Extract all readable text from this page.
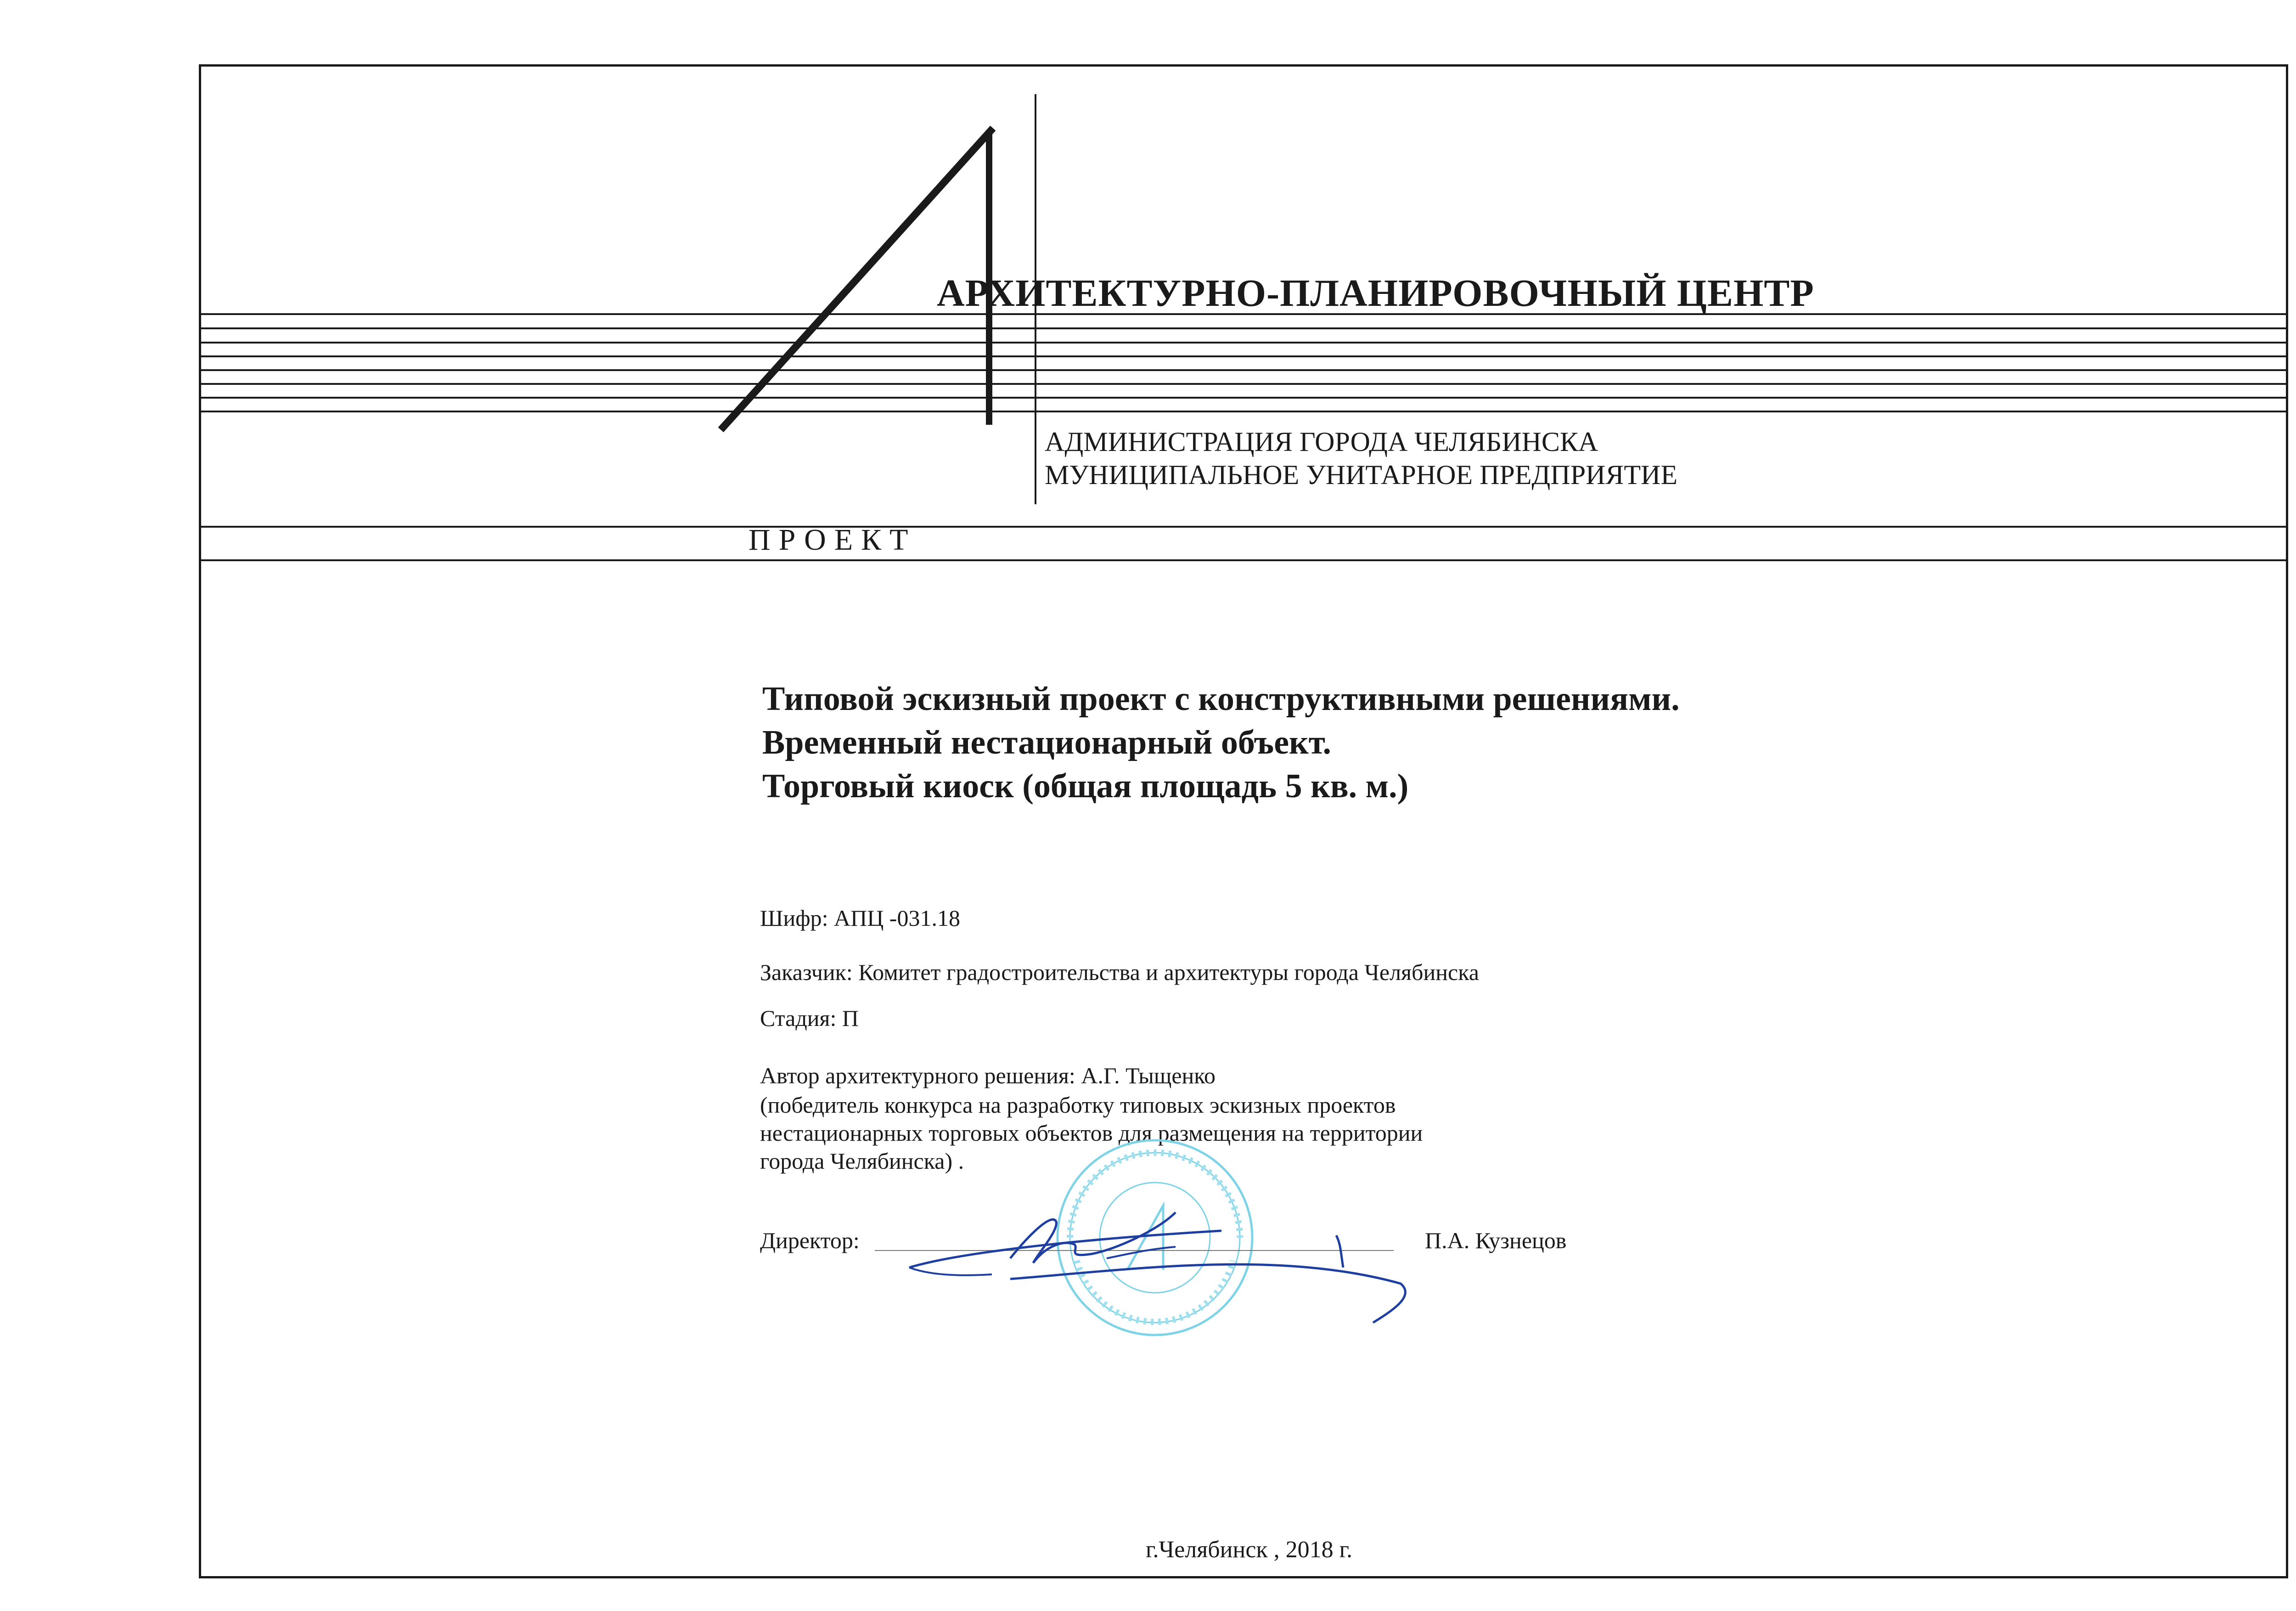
АРХИТЕКТУРНО-ПЛАНИРОВОЧНЫЙ ЦЕНТР

АДМИНИСТРАЦИЯ ГОРОДА ЧЕЛЯБИНСКА

МУНИЦИПАЛЬНОЕ УНИТАРНОЕ ПРЕДПРИЯТИЕ

ПРОЕКТ

Типовой эскизный проект с конструктивными решениями.

Временный нестационарный объект.

Торговый киоск (общая площадь 5 кв. м.)

Шифр: АПЦ -031.18

Заказчик: Комитет градостроительства и архитектуры города Челябинска

Стадия: П

Автор архитектурного решения: А.Г. Тыщенко

(победитель конкурса на разработку типовых эскизных проектов

нестационарных торговых объектов для размещения на территории

города Челябинска) .

Директор:	П.А. Кузнецов

г.Челябинск , 2018 г.
